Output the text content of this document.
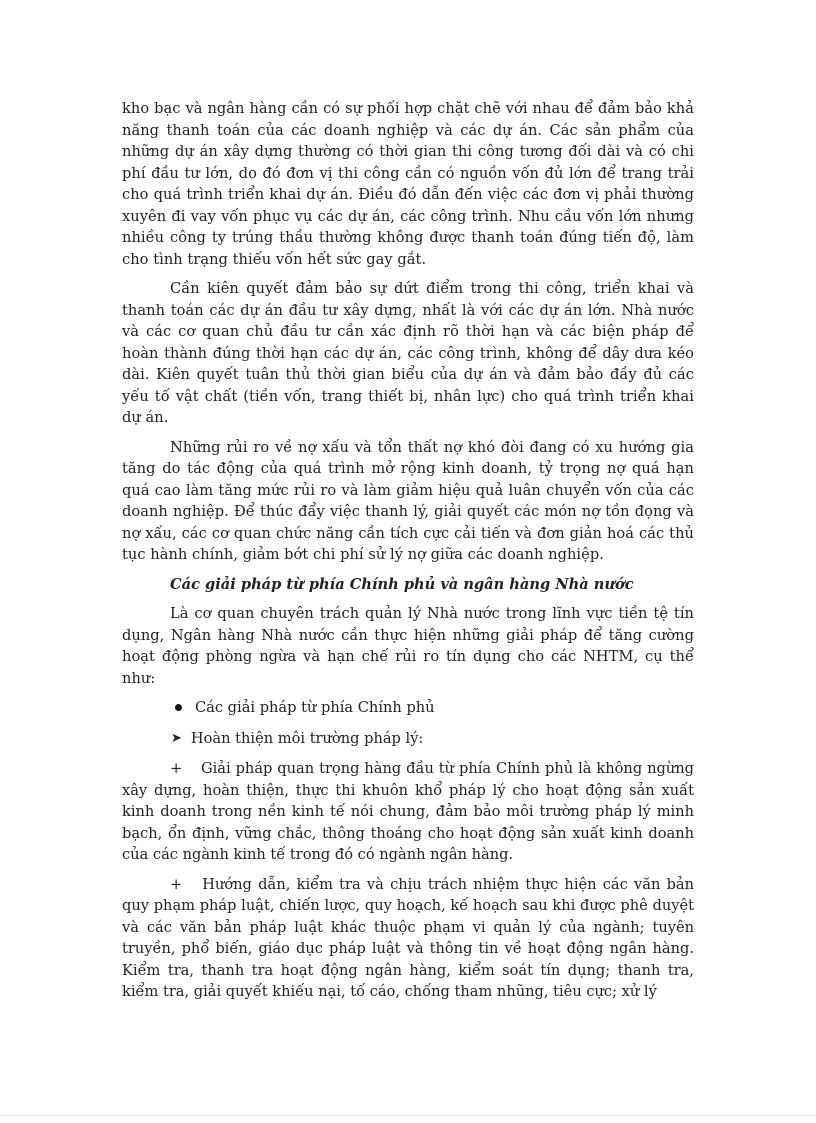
kho bạc và ngân hàng cần có sự phối hợp chặt chẽ với nhau để đảm bảo khả năng thanh toán của các doanh nghiệp và các dự án. Các sản phẩm của những dự án xây dựng thường có thời gian thi công tương đối dài và có chi phí đầu tư lớn, do đó đơn vị thi công cần có nguồn vốn đủ lớn để trang trải cho quá trình triển khai dự án. Điều đó dẫn đến việc các đơn vị phải thường xuyên đi vay vốn phục vụ các dự án, các công trình. Nhu cầu vốn lớn nhưng nhiều công ty trúng thầu thường không được thanh toán đúng tiến độ, làm cho tình trạng thiếu vốn hết sức gay gắt.

Cần kiên quyết đảm bảo sự dứt điểm trong thi công, triển khai và thanh toán các dự án đầu tư xây dựng, nhất là với các dự án lớn. Nhà nước và các cơ quan chủ đầu tư cần xác định rõ thời hạn và các biện pháp để hoàn thành đúng thời hạn các dự án, các công trình, không để dây dưa kéo dài. Kiên quyết tuân thủ thời gian biểu của dự án và đảm bảo đầy đủ các yếu tố vật chất (tiền vốn, trang thiết bị, nhân lực) cho quá trình triển khai dự án.

Những rủi ro về nợ xấu và tổn thất nợ khó đòi đang có xu hướng gia tăng do tác động của quá trình mở rộng kinh doanh, tỷ trọng nợ quá hạn quá cao làm tăng mức rủi ro và làm giảm hiệu quả luân chuyển vốn của các doanh nghiệp. Để thúc đẩy việc thanh lý, giải quyết các món nợ tồn đọng và nợ xấu, các cơ quan chức năng cần tích cực cải tiến và đơn giản hoá các thủ tục hành chính, giảm bớt chi phí sử lý nợ giữa các doanh nghiệp.

Các giải pháp từ phía Chính phủ và ngân hàng Nhà nước

Là cơ quan chuyên trách quản lý Nhà nước trong lĩnh vực tiền tệ tín dụng, Ngân hàng Nhà nước cần thực hiện những giải pháp để tăng cường hoạt động phòng ngừa và hạn chế rủi ro tín dụng cho các NHTM, cụ thể như:

Các giải pháp từ phía Chính phủ
➤ Hoàn thiện môi trường pháp lý:

+ Giải pháp quan trọng hàng đầu từ phía Chính phủ là không ngừng xây dựng, hoàn thiện, thực thi khuôn khổ pháp lý cho hoạt động sản xuất kinh doanh trong nền kinh tế nói chung, đảm bảo môi trường pháp lý minh bạch, ổn định, vững chắc, thông thoáng cho hoạt động sản xuất kinh doanh của các ngành kinh tế trong đó có ngành ngân hàng.

+ Hướng dẫn, kiểm tra và chịu trách nhiệm thực hiện các văn bản quy phạm pháp luật, chiến lược, quy hoạch, kế hoạch sau khi được phê duyệt và các văn bản pháp luật khác thuộc phạm vi quản lý của ngành; tuyên truyền, phổ biến, giáo dục pháp luật và thông tin về hoạt động ngân hàng. Kiểm tra, thanh tra hoạt động ngân hàng, kiểm soát tín dụng; thanh tra, kiểm tra, giải quyết khiếu nại, tố cáo, chống tham nhũng, tiêu cực; xử lý
